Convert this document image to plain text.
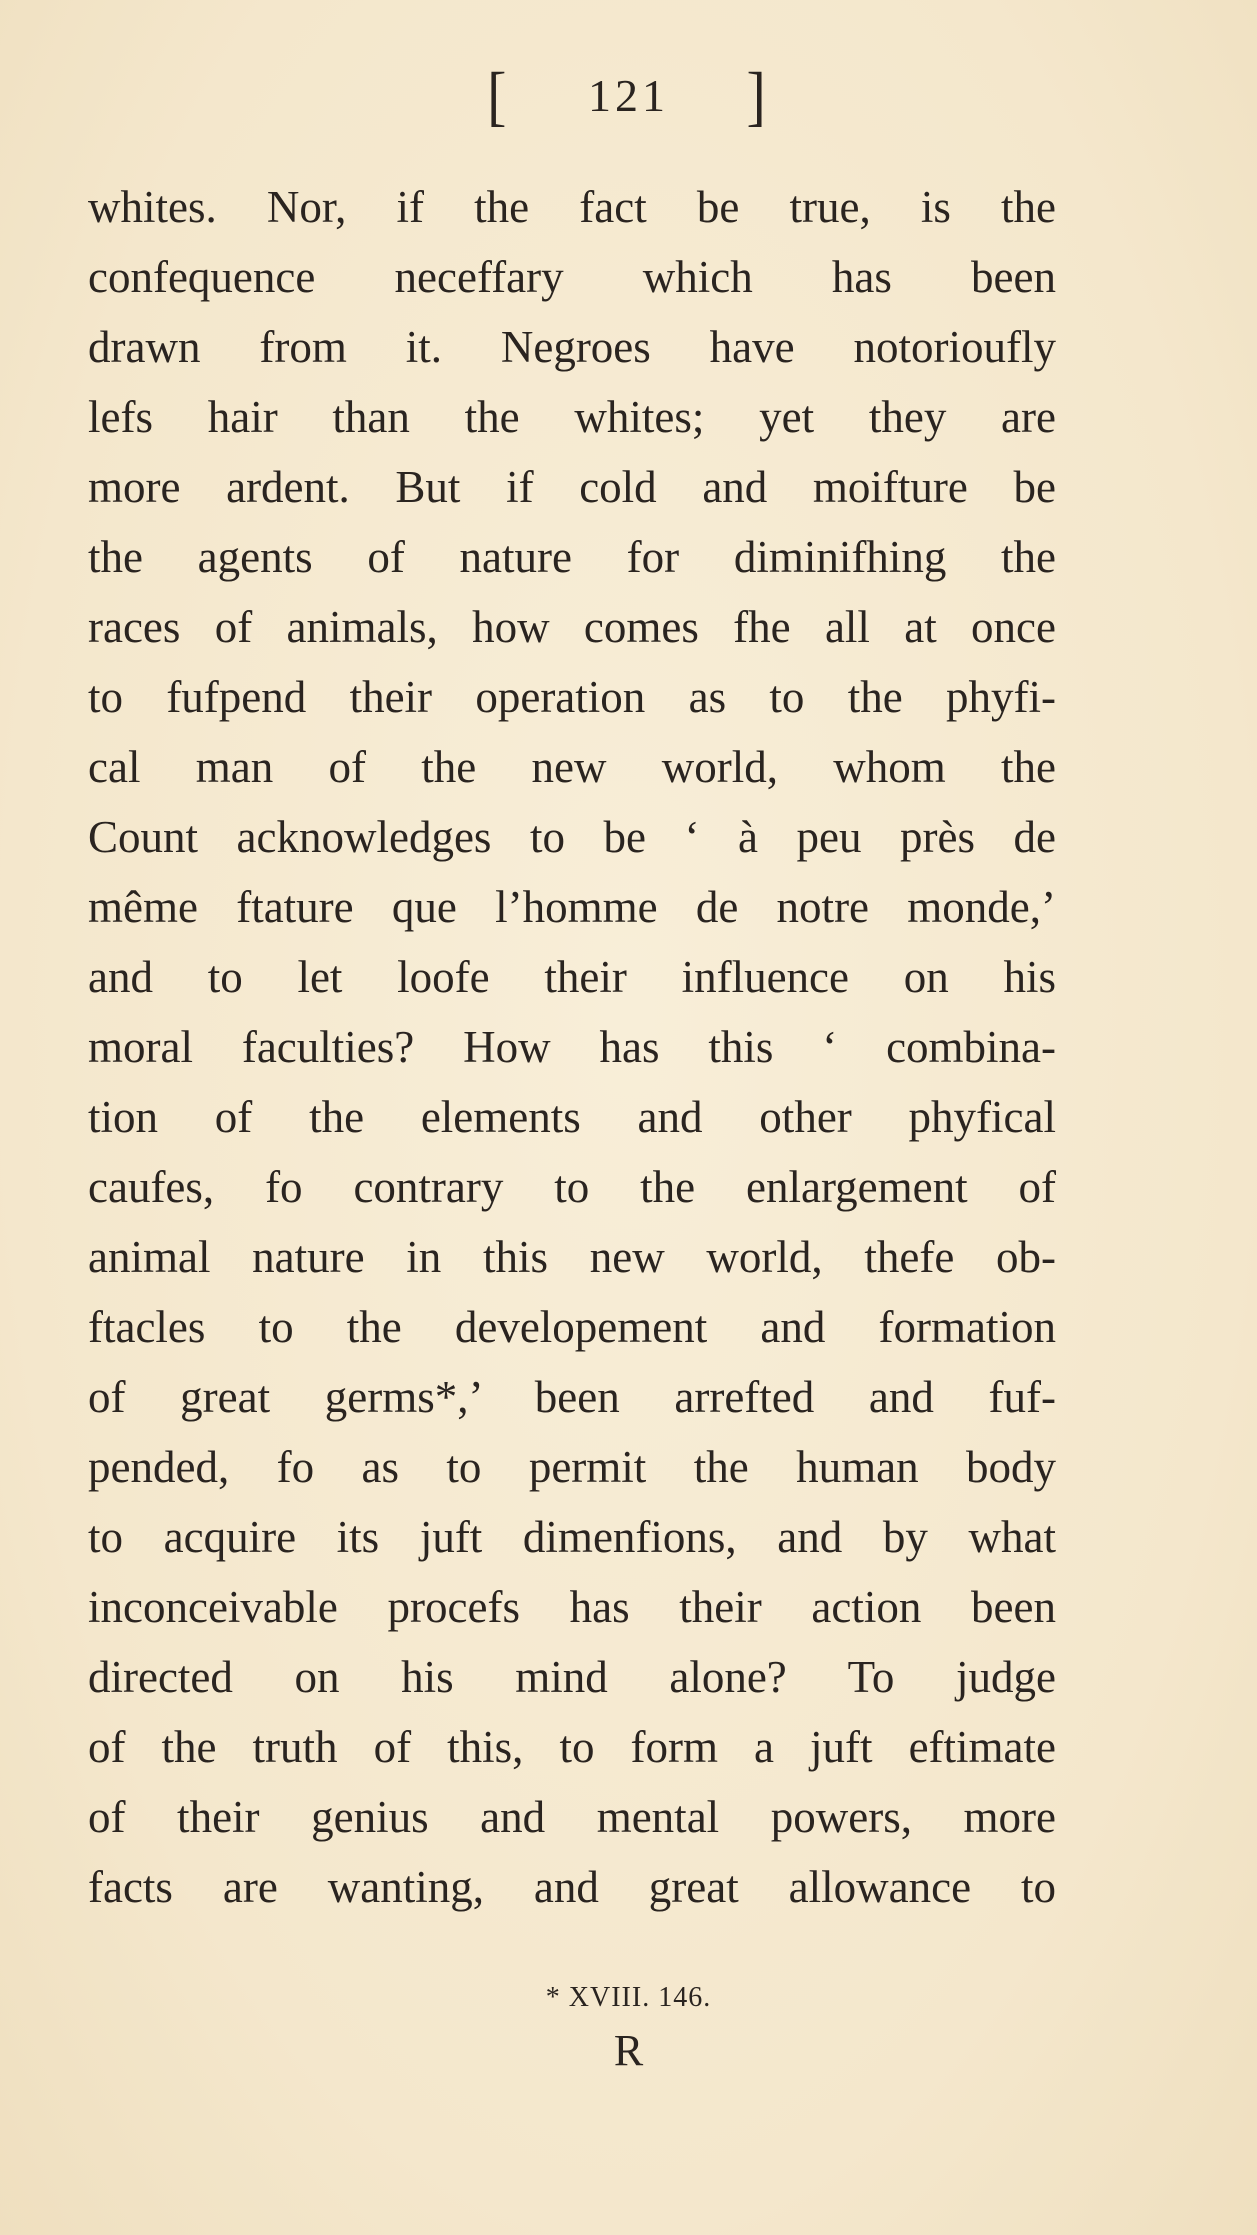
[ 121 ]
whites. Nor, if the fact be true, is the
confequence neceffary which has been
drawn from it. Negroes have notorioufly
lefs hair than the whites; yet they are
more ardent. But if cold and moifture be
the agents of nature for diminifhing the
races of animals, how comes fhe all at once
to fufpend their operation as to the phyfi-
cal man of the new world, whom the
Count acknowledges to be ‘ à peu près de
même ftature que l’homme de notre monde,’
and to let loofe their influence on his
moral faculties? How has this ‘ combina-
tion of the elements and other phyfical
caufes, fo contrary to the enlargement of
animal nature in this new world, thefe ob-
ftacles to the developement and formation
of great germs*,’ been arrefted and fuf-
pended, fo as to permit the human body
to acquire its juft dimenfions, and by what
inconceivable procefs has their action been
directed on his mind alone? To judge
of the truth of this, to form a juft eftimate
of their genius and mental powers, more
facts are wanting, and great allowance to
* XVIII. 146.
R
